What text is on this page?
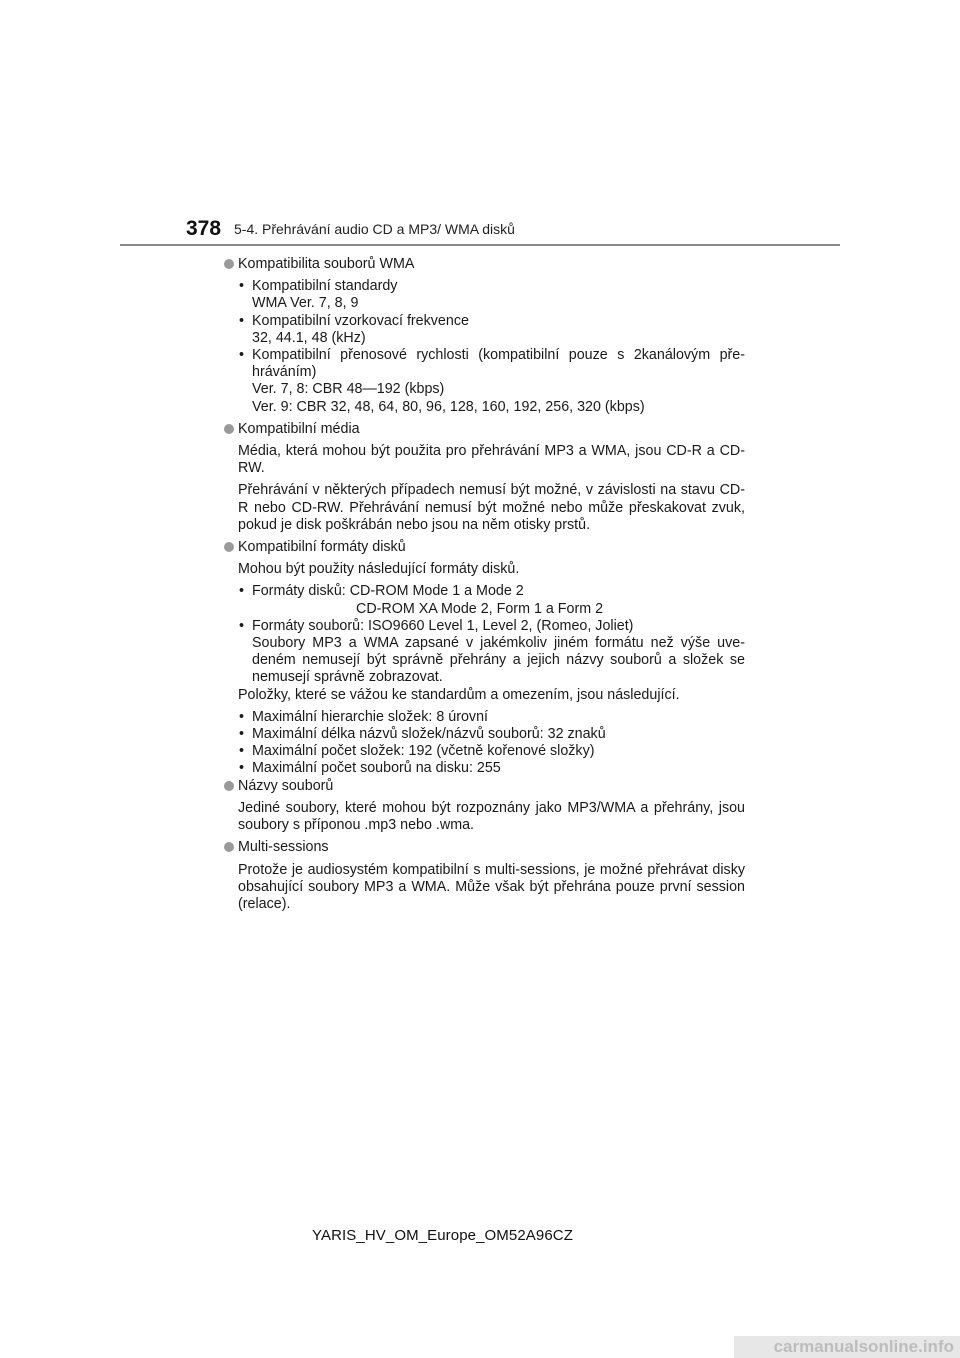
378 5-4. Přehrávání audio CD a MP3/ WMA disků
Kompatibilita souborů WMA
• Kompatibilní standardy
WMA Ver. 7, 8, 9
• Kompatibilní vzorkovací frekvence
32, 44.1, 48 (kHz)
• Kompatibilní přenosové rychlosti (kompatibilní pouze s 2kanálovým přehráváním)
Ver. 7, 8: CBR 48—192 (kbps)
Ver. 9: CBR 32, 48, 64, 80, 96, 128, 160, 192, 256, 320 (kbps)
Kompatibilní média

Média, která mohou být použita pro přehrávání MP3 a WMA, jsou CD-R a CD-RW.

Přehrávání v některých případech nemusí být možné, v závislosti na stavu CD-R nebo CD-RW. Přehrávání nemusí být možné nebo může přeskakovat zvuk, pokud je disk poškrábán nebo jsou na něm otisky prstů.

Kompatibilní formáty disků

Mohou být použity následující formáty disků.

• Formáty disků: CD-ROM Mode 1 a Mode 2
CD-ROM XA Mode 2, Form 1 a Form 2
• Formáty souborů: ISO9660 Level 1, Level 2, (Romeo, Joliet)
Soubory MP3 a WMA zapsané v jakémkoliv jiném formátu než výše uvedeném nemusejí být správně přehrány a jejich názvy souborů a složek se nemusejí správně zobrazovat.

Položky, které se vážou ke standardům a omezením, jsou následující.

• Maximální hierarchie složek: 8 úrovní
• Maximální délka názvů složek/názvů souborů: 32 znaků
• Maximální počet složek: 192 (včetně kořenové složky)
• Maximální počet souborů na disku: 255
Názvy souborů

Jediné soubory, které mohou být rozpoznány jako MP3/WMA a přehrány, jsou soubory s příponou .mp3 nebo .wma.

Multi-sessions

Protože je audiosystém kompatibilní s multi-sessions, je možné přehrávat disky obsahující soubory MP3 a WMA. Může však být přehrána pouze první session (relace).

YARIS_HV_OM_Europe_OM52A96CZ
carmanualsonline.info
